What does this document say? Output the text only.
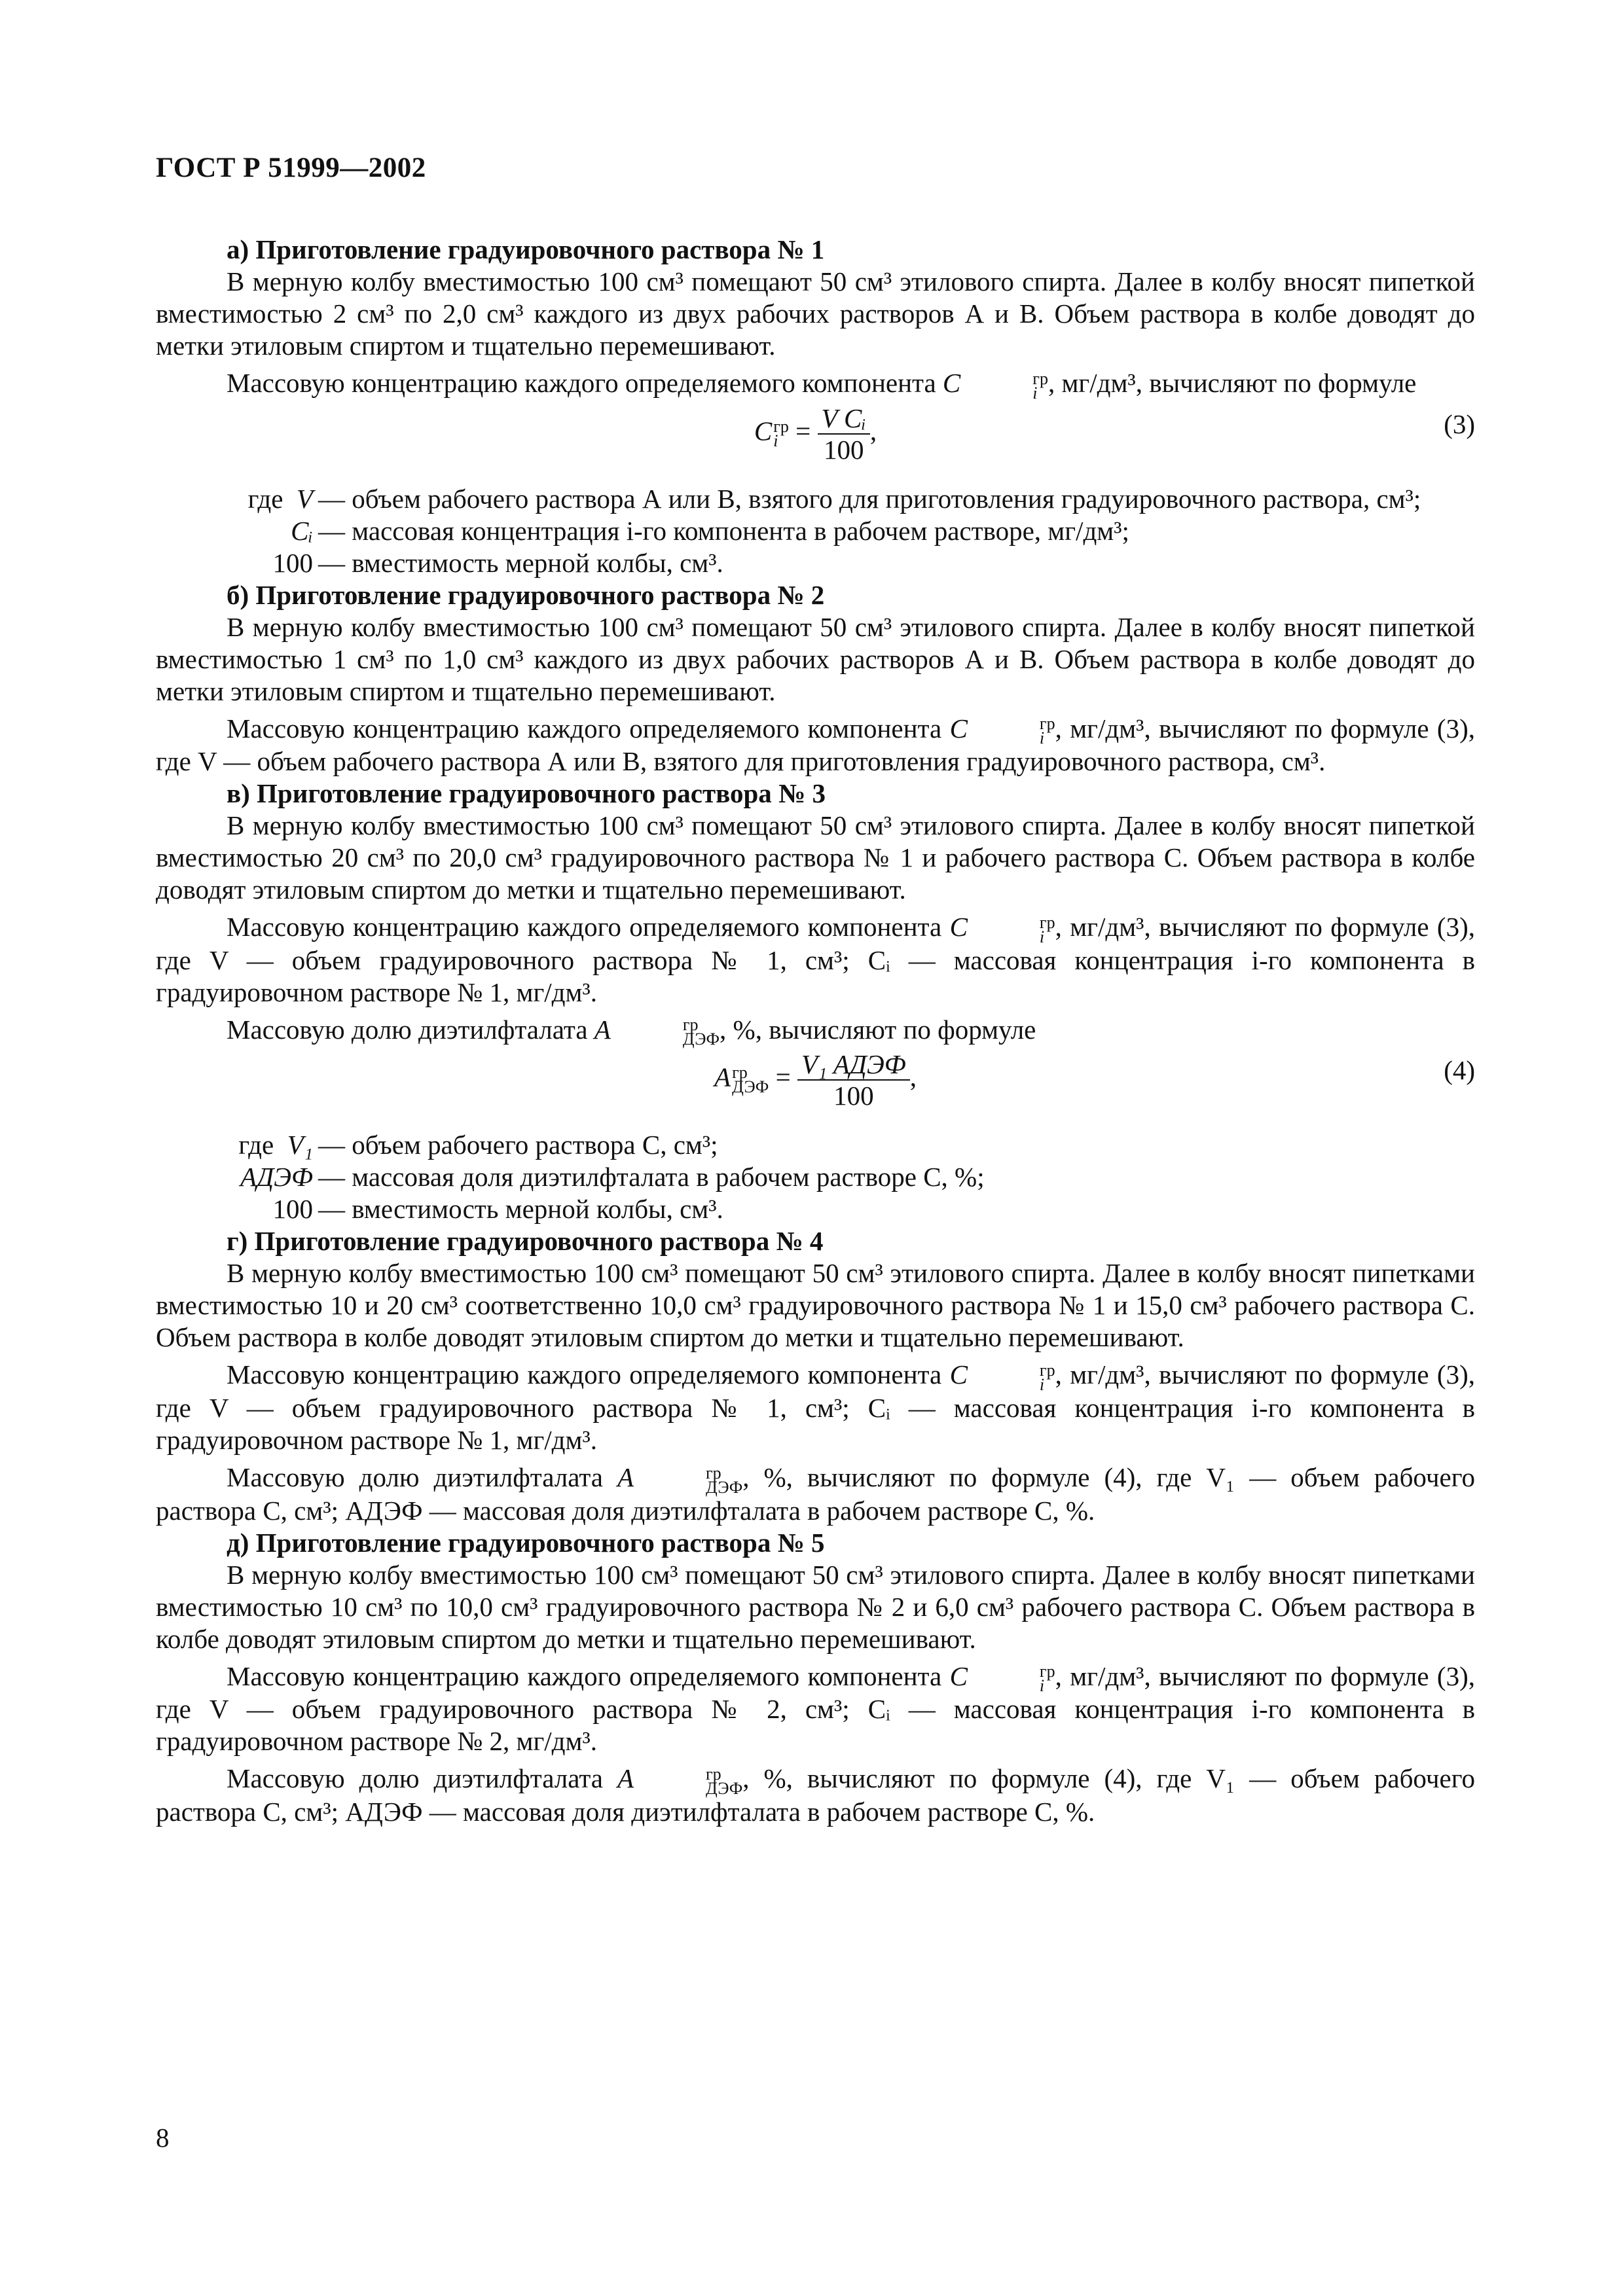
ГОСТ Р 51999—2002

а) Приготовление градуировочного раствора № 1

В мерную колбу вместимостью 100 см³ помещают 50 см³ этилового спирта. Далее в колбу вносят пипеткой вместимостью 2 см³ по 2,0 см³ каждого из двух рабочих растворов А и В. Объем раствора в колбе доводят до метки этиловым спиртом и тщательно перемешивают.

Массовую концентрацию каждого определяемого компонента C	гр
i , мг/дм³, вычисляют по формуле

C гр
$i = \frac{\text{V Cᵢ}}{100}$ ,	(3)
где V — объем рабочего раствора А или В, взятого для приготовления градуировочного раствора, см³;
Cᵢ — массовая концентрация i-го компонента в рабочем растворе, мг/дм³;
100 — вместимость мерной колбы, см³.

б) Приготовление градуировочного раствора № 2

В мерную колбу вместимостью 100 см³ помещают 50 см³ этилового спирта. Далее в колбу вносят пипеткой вместимостью 1 см³ по 1,0 см³ каждого из двух рабочих растворов А и В. Объем раствора в колбе доводят до метки этиловым спиртом и тщательно перемешивают.

Массовую концентрацию каждого определяемого компонента C	гр
i , мг/дм³, вычисляют по формуле (3), где V — объем рабочего раствора А или В, взятого для приготовления градуировочного раствора, см³.

в) Приготовление градуировочного раствора № 3

В мерную колбу вместимостью 100 см³ помещают 50 см³ этилового спирта. Далее в колбу вносят пипеткой вместимостью 20 см³ по 20,0 см³ градуировочного раствора № 1 и рабочего раствора С. Объем раствора в колбе доводят этиловым спиртом до метки и тщательно перемешивают.

Массовую концентрацию каждого определяемого компонента C	гр
i , мг/дм³, вычисляют по формуле (3), где V — объем градуировочного раствора № 1, см³; Cᵢ — массовая концентрация i-го компонента в градуировочном растворе № 1, мг/дм³.

Массовую долю диэтилфталата A	гр
ДЭФ , %, вычисляют по формуле

A гр
ДЭФ = $\frac{\text{V₁ AДЭФ}}{100}$ ,	(4)
где V₁ — объем рабочего раствора С, см³;
AДЭФ — массовая доля диэтилфталата в рабочем растворе С, %;
100 — вместимость мерной колбы, см³.

г) Приготовление градуировочного раствора № 4

В мерную колбу вместимостью 100 см³ помещают 50 см³ этилового спирта. Далее в колбу вносят пипетками вместимостью 10 и 20 см³ соответственно 10,0 см³ градуировочного раствора № 1 и 15,0 см³ рабочего раствора С. Объем раствора в колбе доводят этиловым спиртом до метки и тщательно перемешивают.

Массовую концентрацию каждого определяемого компонента C	гр
i , мг/дм³, вычисляют по формуле (3), где V — объем градуировочного раствора № 1, см³; Cᵢ — массовая концентрация i-го компонента в градуировочном растворе № 1, мг/дм³.

Массовую долю диэтилфталата A	гр
ДЭФ , %, вычисляют по формуле (4), где V₁ — объем рабочего раствора С, см³; AДЭФ — массовая доля диэтилфталата в рабочем растворе С, %.

д) Приготовление градуировочного раствора № 5

В мерную колбу вместимостью 100 см³ помещают 50 см³ этилового спирта. Далее в колбу вносят пипетками вместимостью 10 см³ по 10,0 см³ градуировочного раствора № 2 и 6,0 см³ рабочего раствора С. Объем раствора в колбе доводят этиловым спиртом до метки и тщательно перемешивают.

Массовую концентрацию каждого определяемого компонента C	гр
i , мг/дм³, вычисляют по формуле (3), где V — объем градуировочного раствора № 2, см³; Cᵢ — массовая концентрация i-го компонента в градуировочном растворе № 2, мг/дм³.

Массовую долю диэтилфталата A	гр
ДЭФ , %, вычисляют по формуле (4), где V₁ — объем рабочего раствора С, см³; AДЭФ — массовая доля диэтилфталата в рабочем растворе С, %.

8
